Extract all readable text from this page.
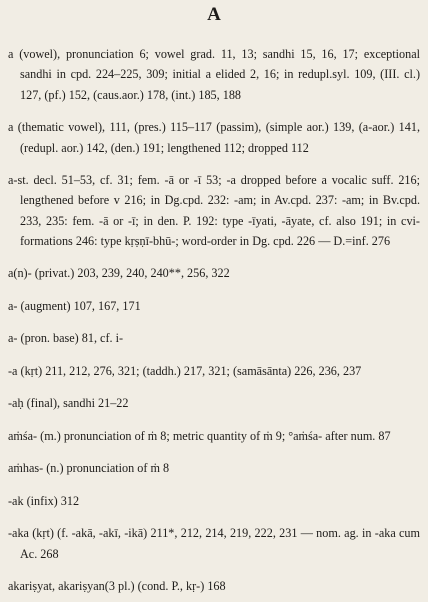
A

a (vowel), pronunciation 6; vowel grad. 11, 13; sandhi 15, 16, 17; exceptional sandhi in cpd. 224–225, 309; initial a elided 2, 16; in redupl.syl. 109, (III. cl.) 127, (pf.) 152, (caus.aor.) 178, (int.) 185, 188

a (thematic vowel), 111, (pres.) 115–117 (passim), (simple aor.) 139, (a-aor.) 141, (redupl. aor.) 142, (den.) 191; lengthened 112; dropped 112

a-st. decl. 51–53, cf. 31; fem. -ā or -ī 53; -a dropped before a vocalic suff. 216; lengthened before v 216; in Dg.cpd. 232: -am; in Av.cpd. 237: -am; in Bv.cpd. 233, 235: fem. -ā or -ī; in den. P. 192: type -īyati, -āyate, cf. also 191; in cvi-formations 246: type kṛṣṇī-bhū-; word-order in Dg. cpd. 226 — D.=inf. 276

a(n)- (privat.) 203, 239, 240, 240**, 256, 322

a- (augment) 107, 167, 171

a- (pron. base) 81, cf. i-

-a (kṛt) 211, 212, 276, 321; (taddh.) 217, 321; (samāsānta) 226, 236, 237

-aḥ (final), sandhi 21–22

aṁśa- (m.) pronunciation of ṁ 8; metric quantity of ṁ 9; °aṁśa- after num. 87

aṁhas- (n.) pronunciation of ṁ 8

-ak (infix) 312

-aka (kṛt) (f. -akā, -akī, -ikā) 211*, 212, 214, 219, 222, 231 — nom. ag. in -aka cum Ac. 268

akariṣyat, akariṣyan(3 pl.) (cond. P., kṛ-) 168
